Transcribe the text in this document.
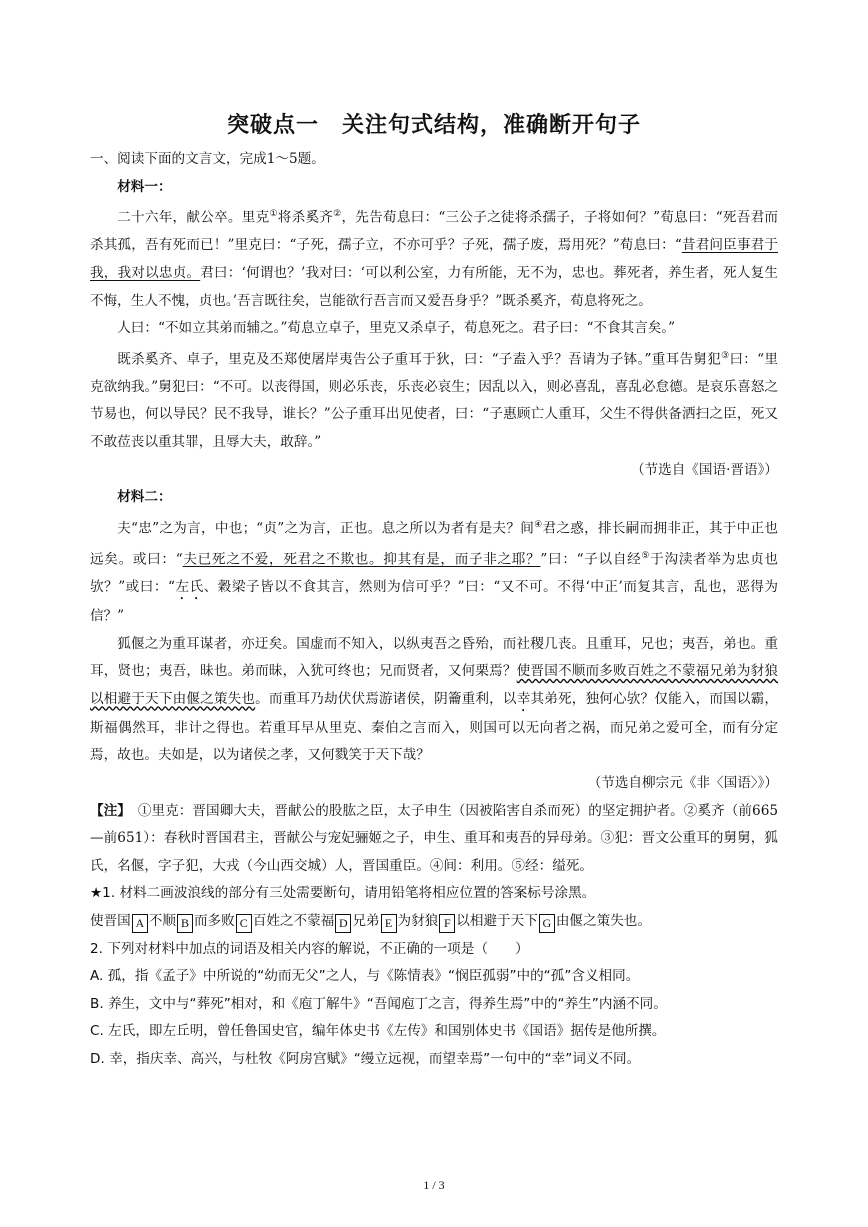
突破点一　关注句式结构，准确断开句子

一、阅读下面的文言文，完成1～5题。

材料一：

二十六年，献公卒。里克①将杀奚齐②，先告荀息曰：“三公子之徒将杀孺子，子将如何？”荀息曰：“死吾君而杀其孤，吾有死而已！”里克曰：“子死，孺子立，不亦可乎？子死，孺子废，焉用死？”荀息曰：“昔君问臣事君于我，我对以忠贞。君曰：‘何谓也？’我对曰：‘可以利公室，力有所能，无不为，忠也。葬死者，养生者，死人复生不悔，生人不愧，贞也。’吾言既往矣，岂能欲行吾言而又爱吾身乎？”既杀奚齐，荀息将死之。

人曰：“不如立其弟而辅之。”荀息立卓子，里克又杀卓子，荀息死之。君子曰：“不食其言矣。”

既杀奚齐、卓子，里克及丕郑使屠岸夷告公子重耳于狄，曰：“子盍入乎？吾请为子钵。”重耳告舅犯③曰：“里克欲纳我。”舅犯曰：“不可。以丧得国，则必乐丧，乐丧必哀生；因乱以入，则必喜乱，喜乱必怠德。是哀乐喜怒之节易也，何以导民？民不我导，谁长？”公子重耳出见使者，曰：“子惠顾亡人重耳，父生不得供备洒扫之臣，死又不敢莅丧以重其罪，且辱大夫，敢辞。”

（节选自《国语·晋语》）

材料二：

夫“忠”之为言，中也；“贞”之为言，正也。息之所以为者有是夫？间④君之惑，排长嗣而拥非正，其于中正也远矣。或曰：“夫已死之不爱，死君之不欺也。抑其有是，而子非之耶？”曰：“子以自经⑤于沟渎者举为忠贞也欤？”或曰：“左氏、穀梁子皆以不食其言，然则为信可乎？”曰：“又不可。不得‘中正’而复其言，乱也，恶得为信？”

狐偃之为重耳谋者，亦迂矣。国虚而不知入，以纵夷吾之昏殆，而社稷几丧。且重耳，兄也；夷吾，弟也。重耳，贤也；夷吾，昧也。弟而昧，入犹可终也；兄而贤者，又何栗焉？使晋国不顺而多败百姓之不蒙福兄弟为豺狼以相避于天下由偃之策失也。而重耳乃劫伏伏焉游诸侯，阴籥重利，以幸其弟死，独何心欤？仅能入，而国以霸，斯福偶然耳，非计之得也。若重耳早从里克、秦伯之言而入，则国可以无向者之祸，而兄弟之爱可全，而有分定焉，故也。夫如是，以为诸侯之孝，又何戮笑于天下哉？

（节选自柳宗元《非〈国语〉》）

【注】　 ①里克：晋国卿大夫，晋献公的股肱之臣，太子申生（因被陷害自杀而死）的坚定拥护者。②奚齐（前665—前651）：春秋时晋国君主，晋献公与宠妃骊姬之子，申生、重耳和夷吾的异母弟。③犯：晋文公重耳的舅舅，狐氏，名偃，字子犯，大戎（今山西交城）人，晋国重臣。④间：利用。⑤经：缢死。

★1. 材料二画波浪线的部分有三处需要断句，请用铅笔将相应位置的答案标号涂黑。

使晋国 A 不顺 B 而多败 C 百姓之不蒙福 D 兄弟 E 为豺狼 F 以相避于天下 G 由偃之策失也。

2. 下列对材料中加点的词语及相关内容的解说，不正确的一项是（　　）

A. 孤，指《孟子》中所说的“幼而无父”之人，与《陈情表》“悯臣孤弱”中的“孤”含义相同。

B. 养生，文中与“葬死”相对，和《庖丁解牛》“吾闻庖丁之言，得养生焉”中的“养生”内涵不同。

C. 左氏，即左丘明，曾任鲁国史官，编年体史书《左传》和国别体史书《国语》据传是他所撰。

D. 幸，指庆幸、高兴，与杜牧《阿房宫赋》“缦立远视，而望幸焉”一句中的“幸”词义不同。

1 / 3
